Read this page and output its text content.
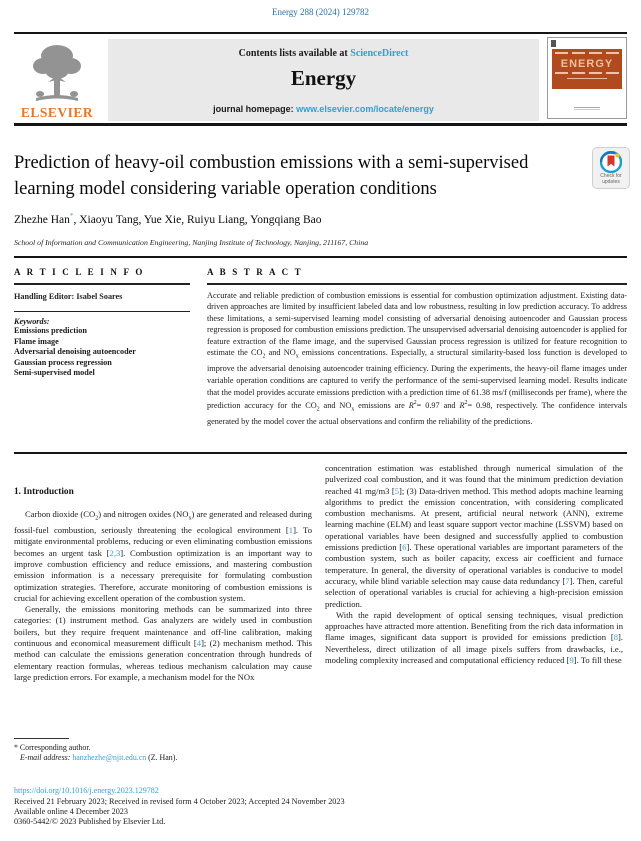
Energy 288 (2024) 129782
ELSEVIER
Contents lists available at ScienceDirect
Energy
journal homepage: www.elsevier.com/locate/energy
ENERGY
Prediction of heavy-oil combustion emissions with a semi-supervised learning model considering variable operation conditions
Check for updates
Zhezhe Han*, Xiaoyu Tang, Yue Xie, Ruiyu Liang, Yongqiang Bao
School of Information and Communication Engineering, Nanjing Institute of Technology, Nanjing, 211167, China
A R T I C L E I N F O
Handling Editor: Isabel Soares
Keywords:
Emissions prediction
Flame image
Adversarial denoising autoencoder
Gaussian process regression
Semi-supervised model
A B S T R A C T
Accurate and reliable prediction of combustion emissions is essential for combustion optimization adjustment. Existing data-driven approaches are limited by insufficient labeled data and low robustness, resulting in low prediction accuracy. To address these limitations, a semi-supervised learning model consisting of adversarial denoising autoencoder and Gaussian process regression is proposed for combustion emissions prediction. The unsupervised adversarial denoising autoencoder is applied for feature extraction of the flame image, and the supervised Gaussian process regression is utilized for feature recognition to estimate the $CO_2$ and $NO_x$ emissions concentrations. Especially, a structural similarity-based loss function is developed to improve the adversarial denoising autoencoder training efficiency. During the experiments, the heavy-oil flame images under variable operation conditions are captured to verify the performance of the semi-supervised learning model. Results indicate that the model provides accurate emissions prediction with a prediction time of 61.38 ms/f (milliseconds per frame), where the prediction accuracy for the $CO_2$ and $NO_x$ emissions are $R^2= 0.97$ and $R^2= 0.98$, respectively. The confidence intervals generated by the model cover the actual observations and confirm the reliability of the predictions.
1. Introduction

Carbon dioxide $(CO_2)$ and nitrogen oxides $(NO_x)$ are generated and released during fossil-fuel combustion, seriously threatening the ecological environment [1]. To mitigate environmental problems, reducing or even eliminating combustion emissions becomes an urgent task [2,3]. Combustion optimization is an important way to improve combustion efficiency and reduce emissions, and mastering combustion emission information is a necessary prerequisite for formulating combustion optimization strategies. Therefore, accurate monitoring of combustion emissions is crucial for achieving excellent operation of the combustion system.

Generally, the emissions monitoring methods can be summarized into three categories: (1) instrument method. Gas analyzers are widely used in combustion boilers, but they require frequent maintenance and off-line calibration, making continuous and economical measurement difficult [4]; (2) mechanism method. This method can calculate the emissions generation concentration through hundreds of elementary reaction formulas, whereas tedious mechanism calculation may cause large prediction errors. For example, a mechanism model for the NOx

concentration estimation was established through numerical simulation of the pulverized coal combustion, and it was found that the minimum prediction deviation reached 41 mg/m3 [5]; (3) Data-driven method. This method adopts machine learning algorithms to predict the emission concentration, with considering complicated combustion mechanisms. At present, artificial neural network (ANN), extreme learning machine (ELM) and least square support vector machine (LSSVM) based on operational variables have been designed and successfully applied to combustion emissions prediction [6]. These operational variables are important parameters of the combustion system, such as boiler capacity, excess air coefficient and furnace temperature. In general, the diversity of operational variables is conducive to model accuracy, while blind variable selection may cause data redundancy [7]. Then, careful selection of operational variables is crucial for achieving a high-precision emission prediction.

With the rapid development of optical sensing techniques, visual prediction approaches have attracted more attention. Benefiting from the rich data information in flame images, significant data support is provided for emissions prediction [8]. Nevertheless, direct utilization of all image pixels suffers from drawbacks, i.e., modeling complexity increased and computational efficiency reduced [9]. To fill these

* Corresponding author.
E-mail address: hanzhezhe@njit.edu.cn (Z. Han).
https://doi.org/10.1016/j.energy.2023.129782
Received 21 February 2023; Received in revised form 4 October 2023; Accepted 24 November 2023
Available online 4 December 2023
0360-5442/© 2023 Published by Elsevier Ltd.
